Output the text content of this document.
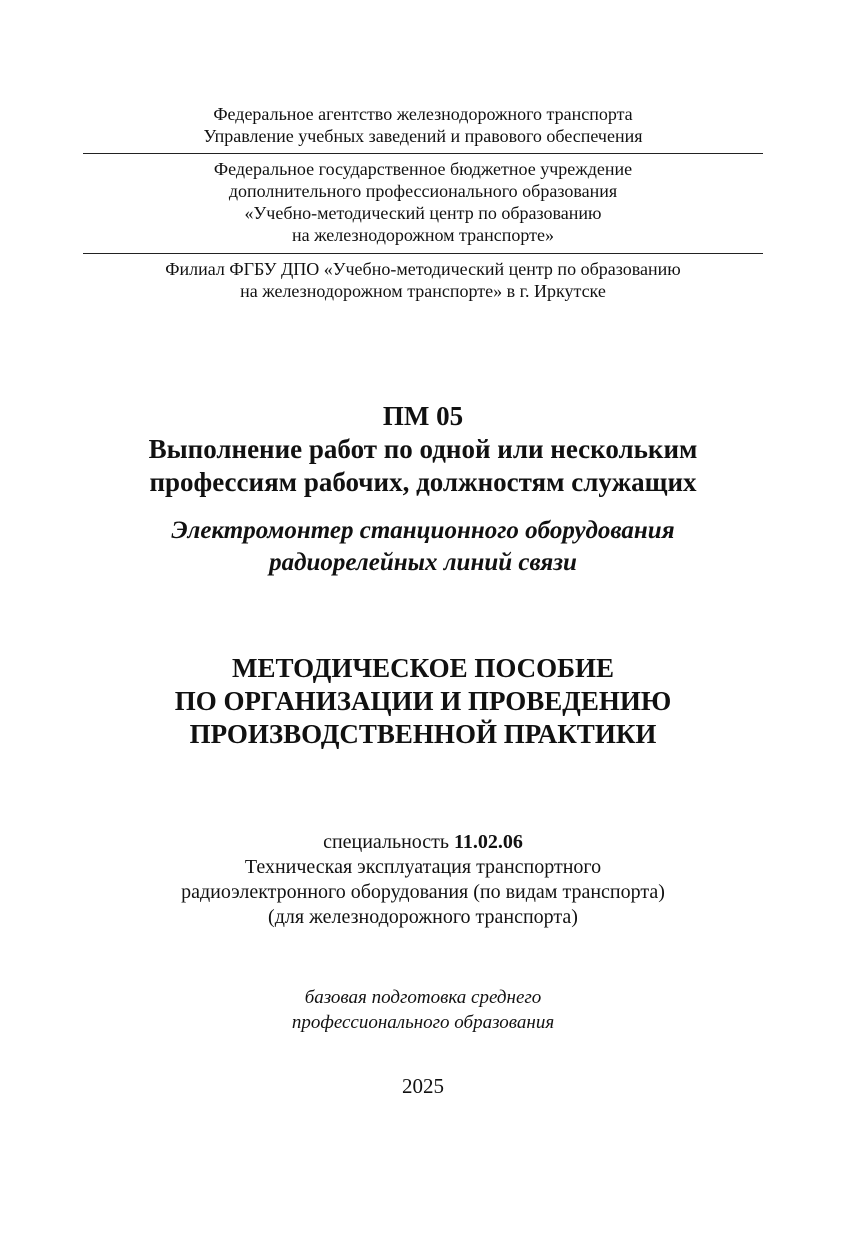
Федеральное агентство железнодорожного транспорта
Управление учебных заведений и правового обеспечения
Федеральное государственное бюджетное учреждение
дополнительного профессионального образования
«Учебно-методический центр по образованию
на железнодорожном транспорте»
Филиал ФГБУ ДПО «Учебно-методический центр по образованию
на железнодорожном транспорте» в г. Иркутске
ПМ 05
Выполнение работ по одной или нескольким
профессиям рабочих, должностям служащих
Электромонтер станционного оборудования
радиорелейных линий связи
МЕТОДИЧЕСКОЕ ПОСОБИЕ
ПО ОРГАНИЗАЦИИ И ПРОВЕДЕНИЮ
ПРОИЗВОДСТВЕННОЙ ПРАКТИКИ
специальность 11.02.06
Техническая эксплуатация транспортного
радиоэлектронного оборудования (по видам транспорта)
(для железнодорожного транспорта)
базовая подготовка среднего
профессионального образования
2025
